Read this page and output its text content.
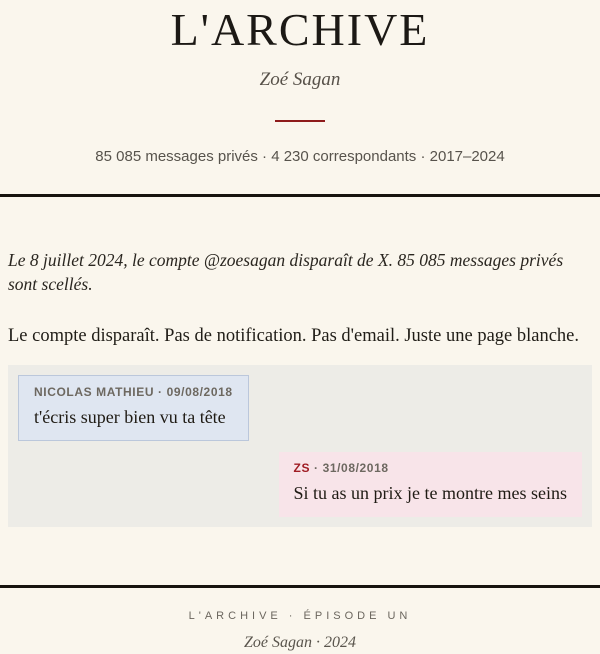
L'ARCHIVE
Zoé Sagan
85 085 messages privés · 4 230 correspondants · 2017–2024

Le 8 juillet 2024, le compte @zoesagan disparaît de X. 85 085 messages privés sont scellés.

Le compte disparaît. Pas de notification. Pas d'email. Juste une page blanche.

NICOLAS MATHIEU · 09/08/2018
t'écris super bien vu ta tête
ZS · 31/08/2018
Si tu as un prix je te montre mes seins
L'ARCHIVE · ÉPISODE UN
Zoé Sagan · 2024
